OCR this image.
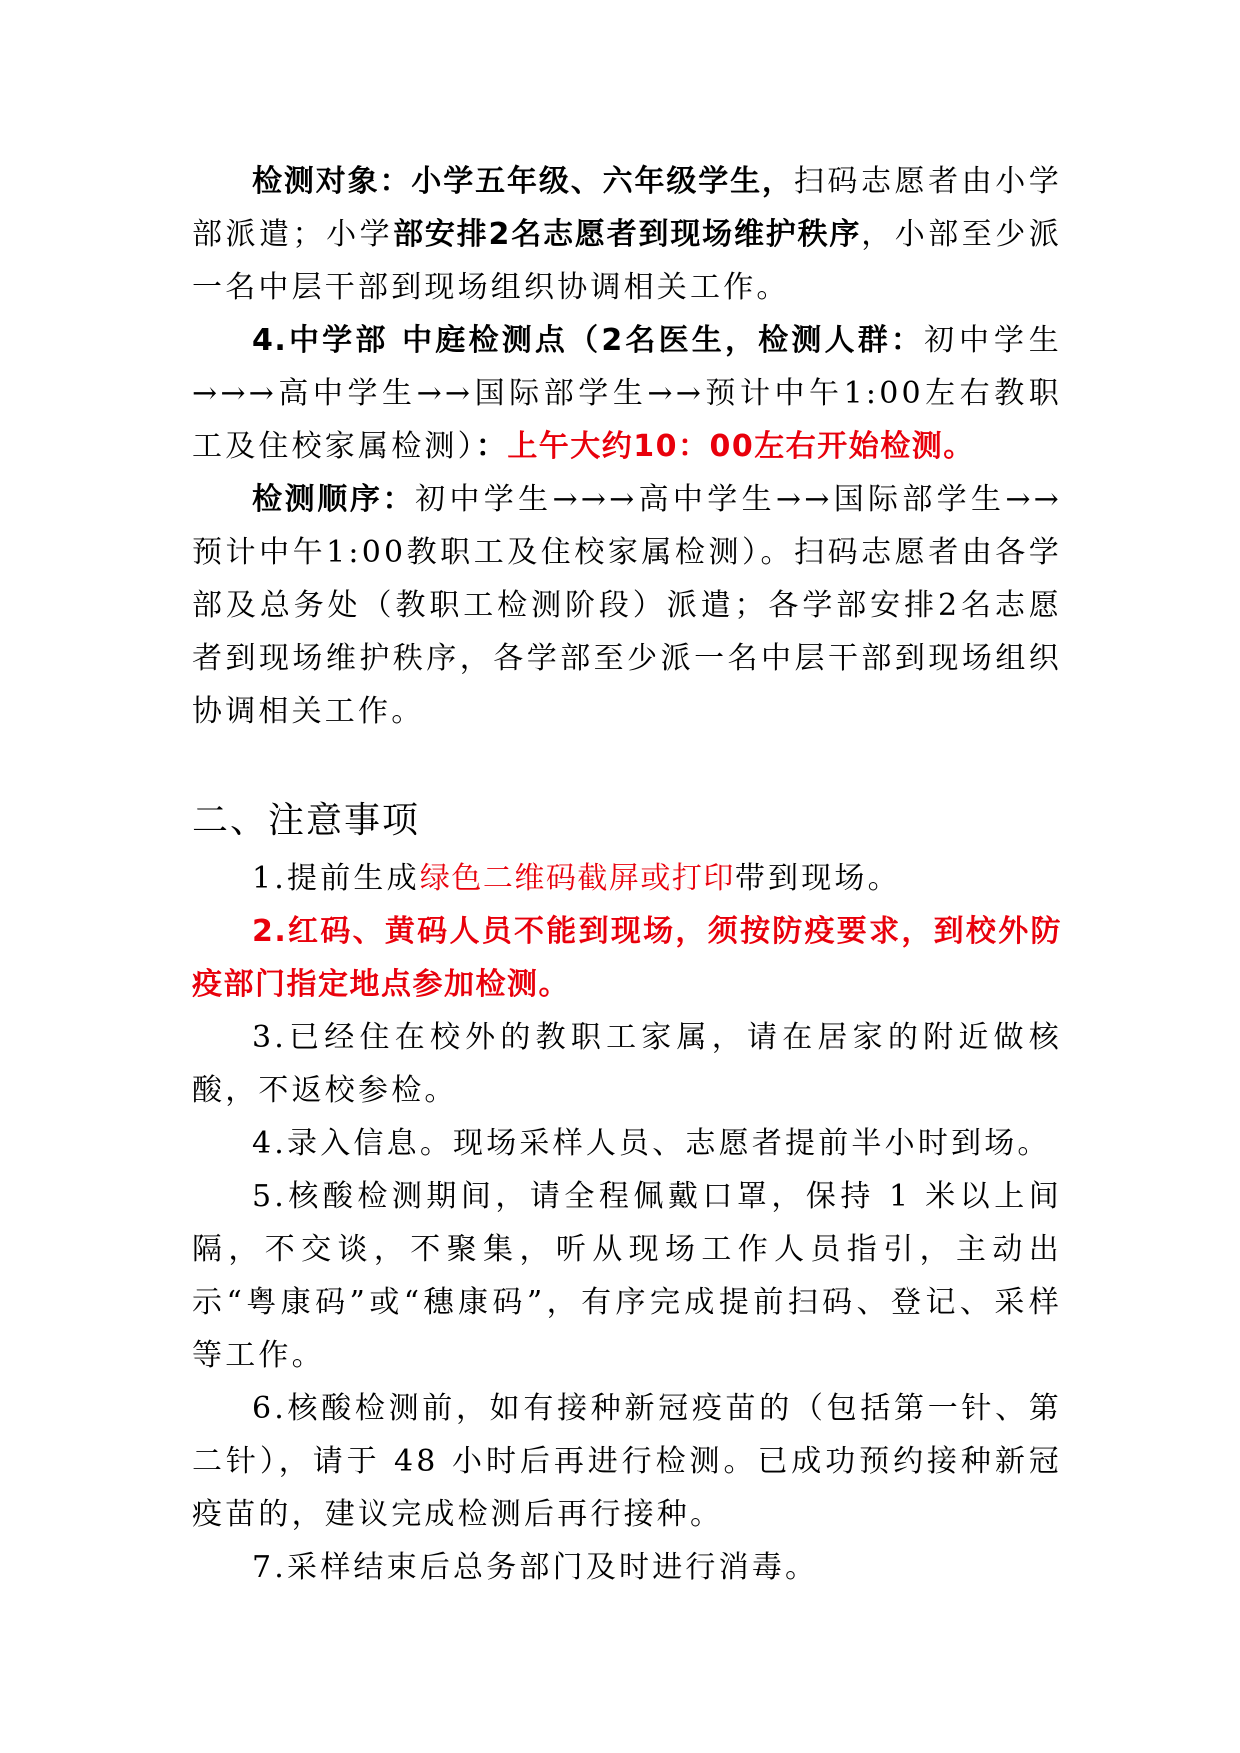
检测对象：小学五年级、六年级学生，扫码志愿者由小学部派遣；小学部安排2名志愿者到现场维护秩序，小部至少派一名中层干部到现场组织协调相关工作。

4.中学部 中庭检测点（2名医生，检测人群：初中学生→→→高中学生→→国际部学生→→预计中午1:00左右教职工及住校家属检测）：上午大约10：00左右开始检测。

检测顺序：初中学生→→→高中学生→→国际部学生→→预计中午1:00教职工及住校家属检测）。扫码志愿者由各学部及总务处（教职工检测阶段）派遣；各学部安排2名志愿者到现场维护秩序，各学部至少派一名中层干部到现场组织协调相关工作。

二、注意事项

1.提前生成绿色二维码截屏或打印带到现场。

2.红码、黄码人员不能到现场，须按防疫要求，到校外防疫部门指定地点参加检测。

3.已经住在校外的教职工家属，请在居家的附近做核酸，不返校参检。

4.录入信息。现场采样人员、志愿者提前半小时到场。

5.核酸检测期间，请全程佩戴口罩，保持 1 米以上间隔，不交谈，不聚集，听从现场工作人员指引，主动出示“粤康码”或“穗康码”，有序完成提前扫码、登记、采样等工作。

6.核酸检测前，如有接种新冠疫苗的（包括第一针、第二针），请于 48 小时后再进行检测。已成功预约接种新冠疫苗的，建议完成检测后再行接种。

7.采样结束后总务部门及时进行消毒。
